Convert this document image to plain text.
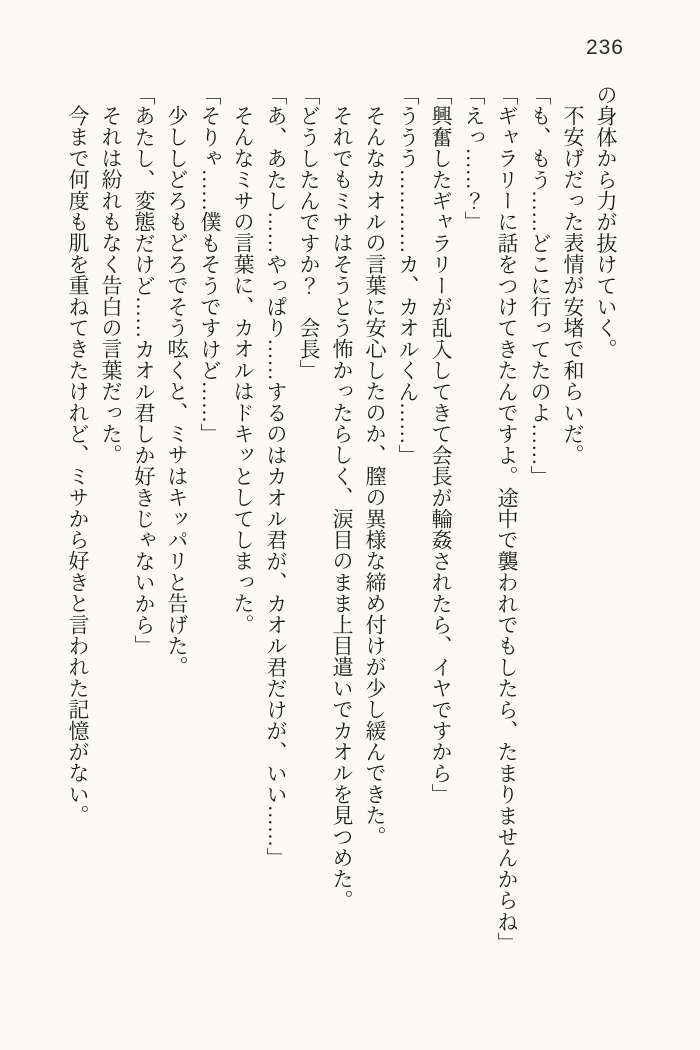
236

の身体から力が抜けていく。

不安げだった表情が安堵で和らいだ。

「も、もう……どこに行ってたのよ……」

「ギャラリーに話をつけてきたんですよ。途中で襲われでもしたら、たまりませんからね」

「えっ……？」

「興奮したギャラリーが乱入してきて会長が輪姦されたら、イヤですから」

「ううう…………カ、カオルくん……」

そんなカオルの言葉に安心したのか、膣の異様な締め付けが少し緩んできた。

それでもミサはそうとう怖かったらしく、涙目のまま上目遣いでカオルを見つめた。

「どうしたんですか？　会長」

「あ、あたし……やっぱり……するのはカオル君が、カオル君だけが、いい……」

そんなミサの言葉に、カオルはドキッとしてしまった。

「そりゃ……僕もそうですけど……」

少ししどろもどろでそう呟くと、ミサはキッパリと告げた。

「あたし、変態だけど……カオル君しか好きじゃないから」

それは紛れもなく告白の言葉だった。

今まで何度も肌を重ねてきたけれど、ミサから好きと言われた記憶がない。
